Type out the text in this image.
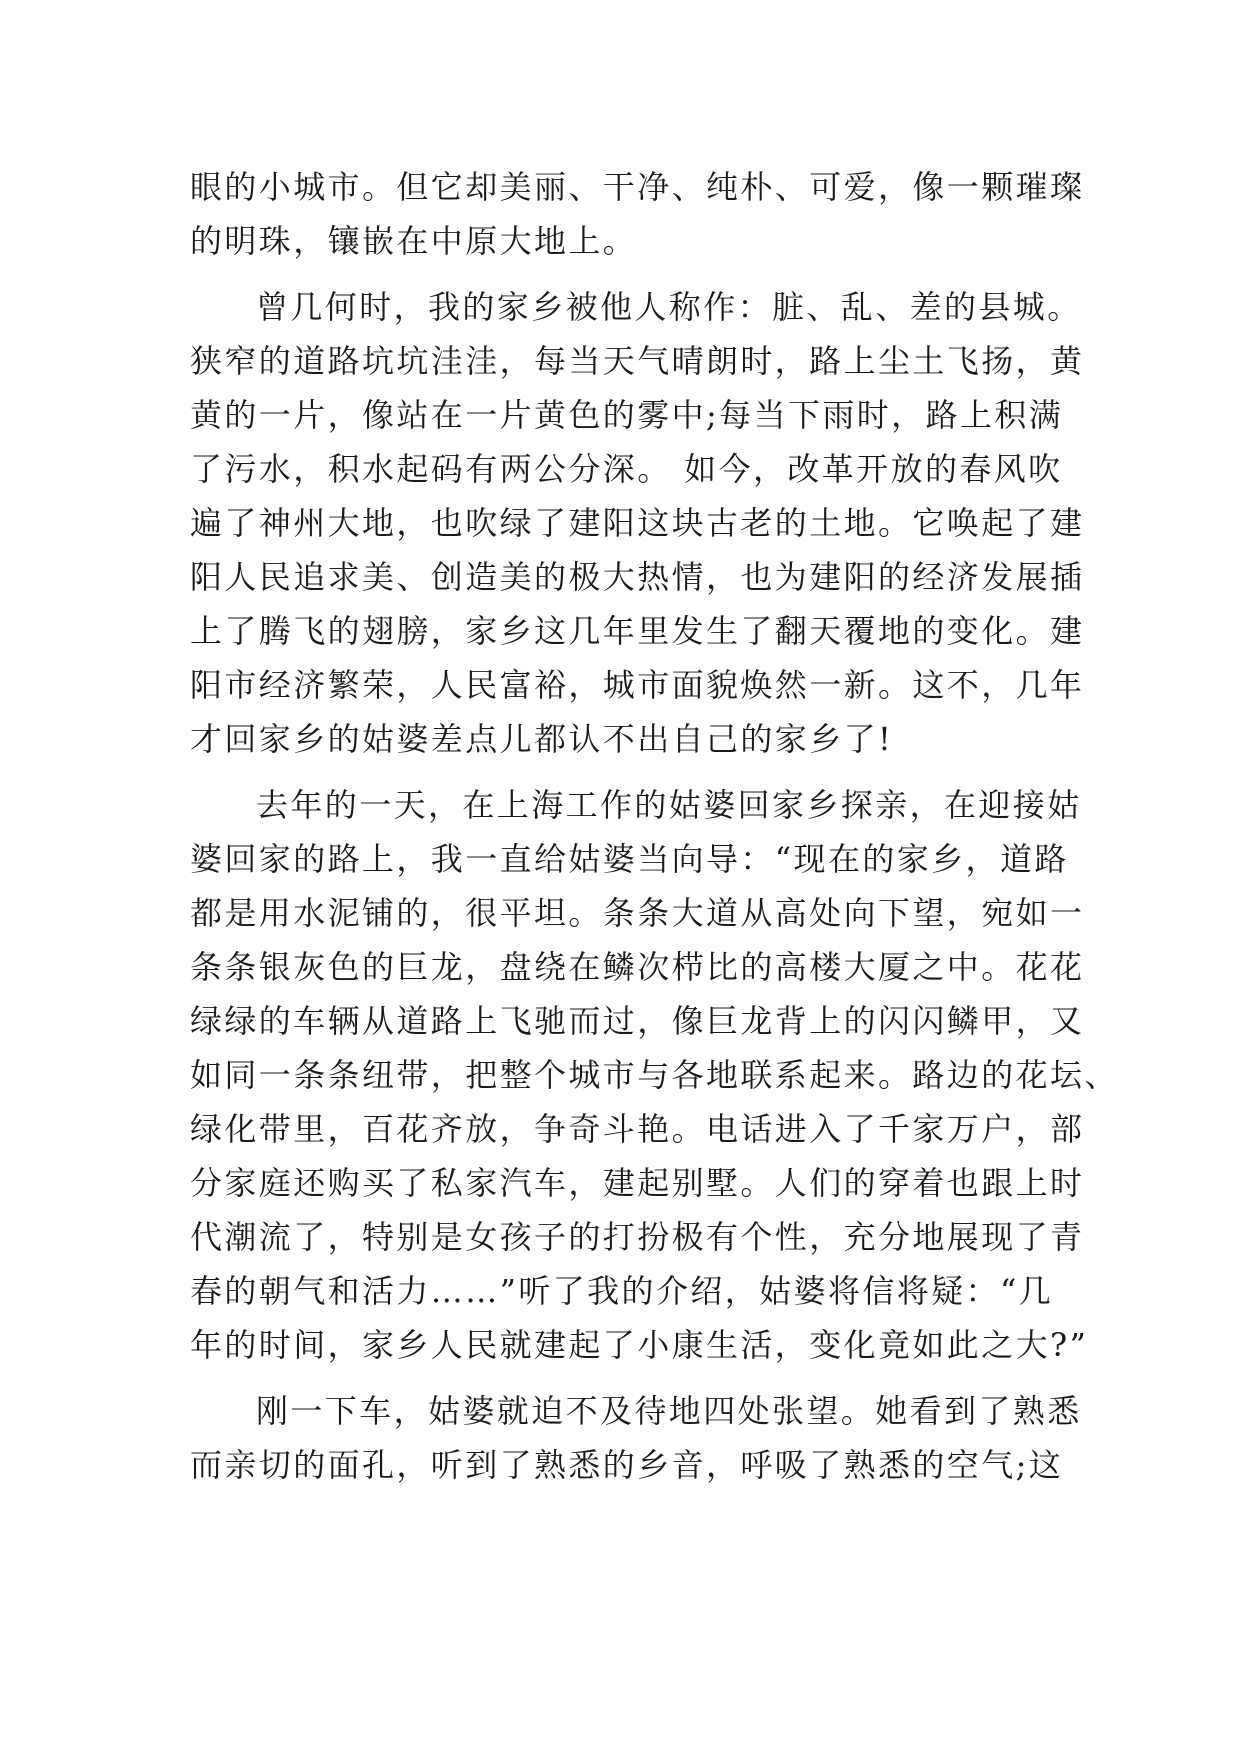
眼的小城市。但它却美丽、干净、纯朴、可爱，像一颗璀璨
的明珠，镶嵌在中原大地上。
曾几何时，我的家乡被他人称作：脏、乱、差的县城。
狭窄的道路坑坑洼洼，每当天气晴朗时，路上尘土飞扬，黄
黄的一片，像站在一片黄色的雾中;每当下雨时，路上积满
了污水，积水起码有两公分深。 如今，改革开放的春风吹
遍了神州大地，也吹绿了建阳这块古老的土地。它唤起了建
阳人民追求美、创造美的极大热情，也为建阳的经济发展插
上了腾飞的翅膀，家乡这几年里发生了翻天覆地的变化。建
阳市经济繁荣，人民富裕，城市面貌焕然一新。这不，几年
才回家乡的姑婆差点儿都认不出自己的家乡了!
去年的一天，在上海工作的姑婆回家乡探亲，在迎接姑
婆回家的路上，我一直给姑婆当向导：“现在的家乡，道路
都是用水泥铺的，很平坦。条条大道从高处向下望，宛如一
条条银灰色的巨龙，盘绕在鳞次栉比的高楼大厦之中。花花
绿绿的车辆从道路上飞驰而过，像巨龙背上的闪闪鳞甲，又
如同一条条纽带，把整个城市与各地联系起来。路边的花坛、
绿化带里，百花齐放，争奇斗艳。电话进入了千家万户，部
分家庭还购买了私家汽车，建起别墅。人们的穿着也跟上时
代潮流了，特别是女孩子的打扮极有个性，充分地展现了青
春的朝气和活力……”听了我的介绍，姑婆将信将疑：“几
年的时间，家乡人民就建起了小康生活，变化竟如此之大?”
刚一下车，姑婆就迫不及待地四处张望。她看到了熟悉
而亲切的面孔，听到了熟悉的乡音，呼吸了熟悉的空气;这
